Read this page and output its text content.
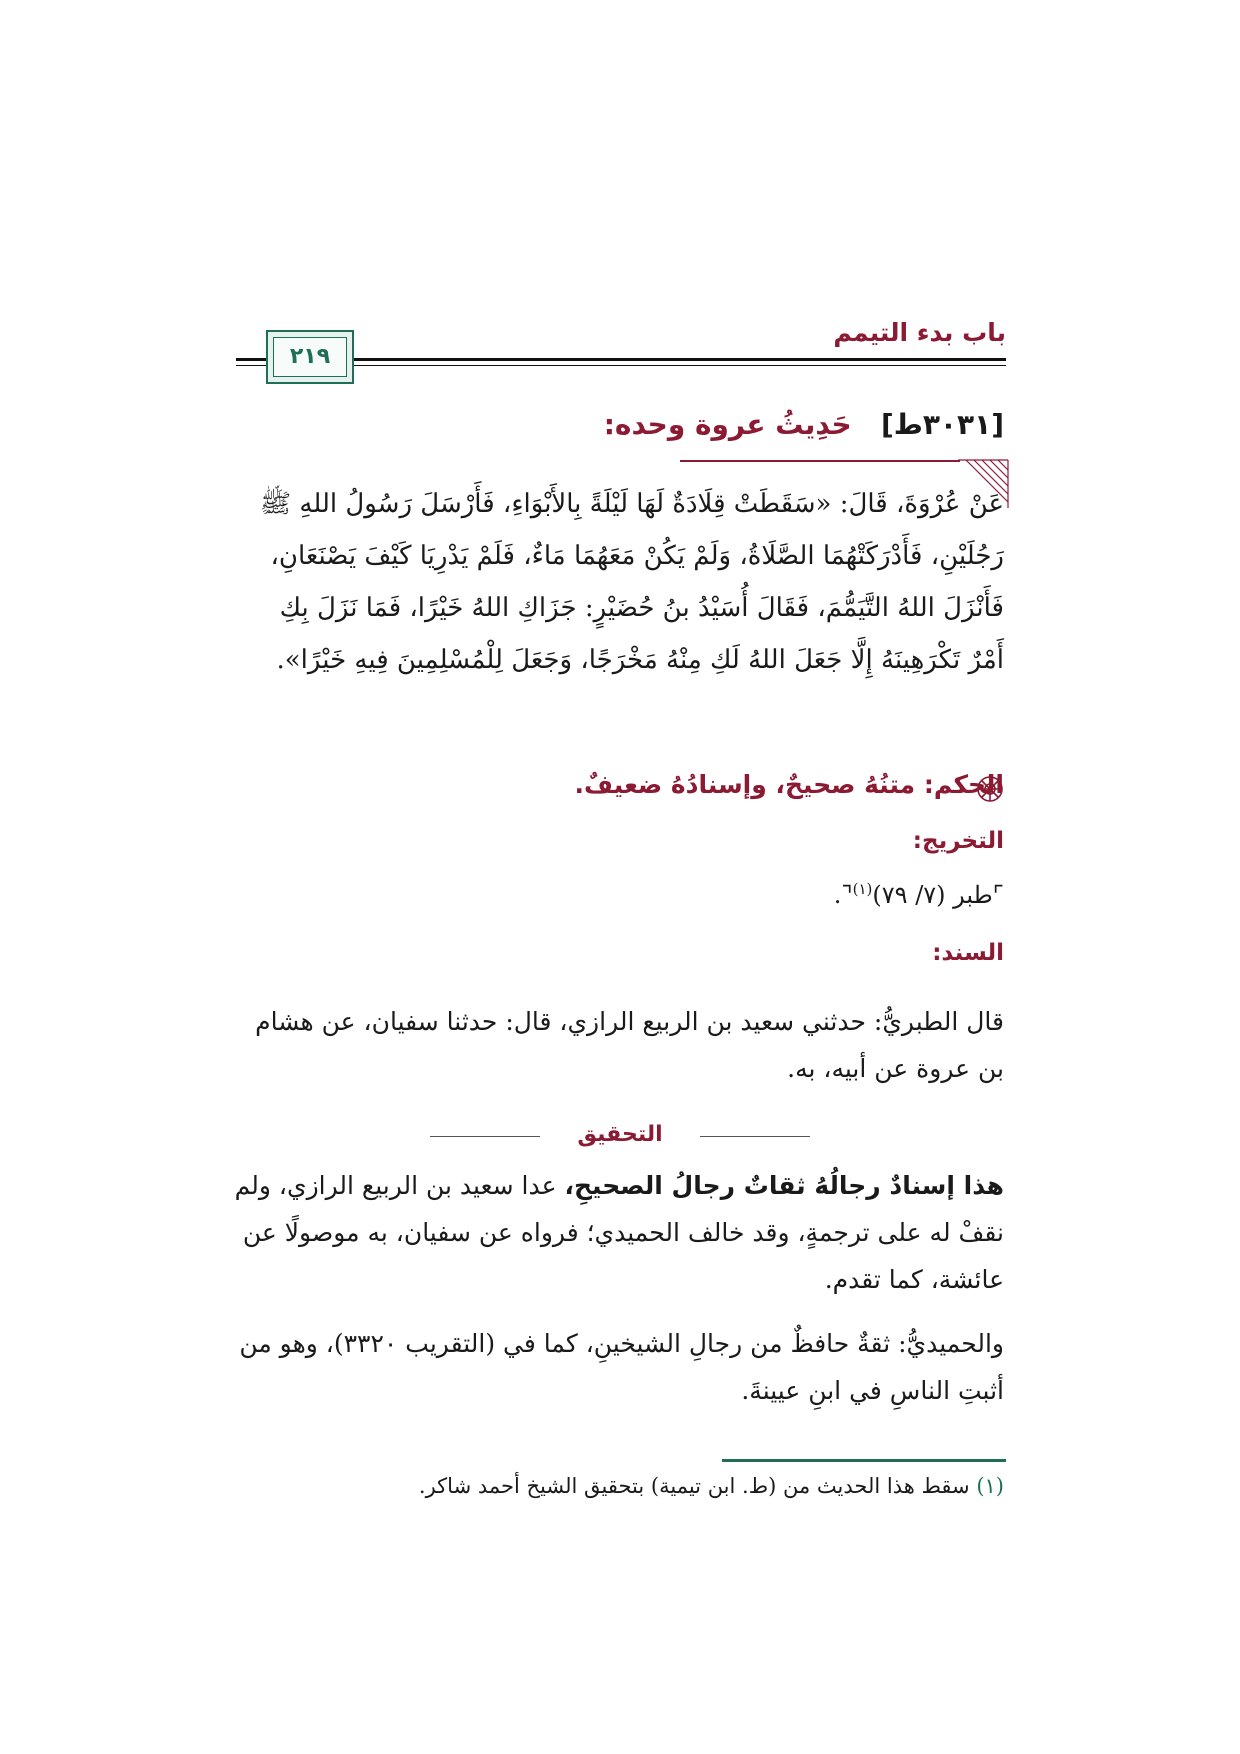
باب بدء التيمم
٢١٩
[٣٠٣١ط]   حَدِيثُ عروة وحده:
عَنْ عُرْوَةَ، قَالَ: «سَقَطَتْ قِلَادَةٌ لَهَا لَيْلَةً بِالأَبْوَاءِ، فَأَرْسَلَ رَسُولُ اللهِ ﷺ رَجُلَيْنِ، فَأَدْرَكَتْهُمَا الصَّلَاةُ، وَلَمْ يَكُنْ مَعَهُمَا مَاءٌ، فَلَمْ يَدْرِيَا كَيْفَ يَصْنَعَانِ، فَأَنْزَلَ اللهُ التَّيَمُّمَ، فَقَالَ أُسَيْدُ بنُ حُضَيْرٍ: جَزَاكِ اللهُ خَيْرًا، فَمَا نَزَلَ بِكِ أَمْرٌ تَكْرَهِينَهُ إِلَّا جَعَلَ اللهُ لَكِ مِنْهُ مَخْرَجًا، وَجَعَلَ لِلْمُسْلِمِينَ فِيهِ خَيْرًا».
الحكم: متنُهُ صحيحٌ، وإسنادُهُ ضعيفٌ.
التخريج:
⌜طبر (٧/ ٧٩)$^{(١)}$⌝.
السند:
قال الطبريُّ: حدثني سعيد بن الربيع الرازي، قال: حدثنا سفيان، عن هشام بن عروة عن أبيه، به.
التحقيق
هذا إسنادٌ رجالُهُ ثقاتٌ رجالُ الصحيحِ، عدا سعيد بن الربيع الرازي، ولم نقفْ له على ترجمةٍ، وقد خالف الحميدي؛ فرواه عن سفيان، به موصولًا عن عائشة، كما تقدم.
والحميديُّ: ثقةٌ حافظٌ من رجالِ الشيخينِ، كما في (التقريب ٣٣٢٠)، وهو من أثبتِ الناسِ في ابنِ عيينةَ.
(١) سقط هذا الحديث من (ط. ابن تيمية) بتحقيق الشيخ أحمد شاكر.
